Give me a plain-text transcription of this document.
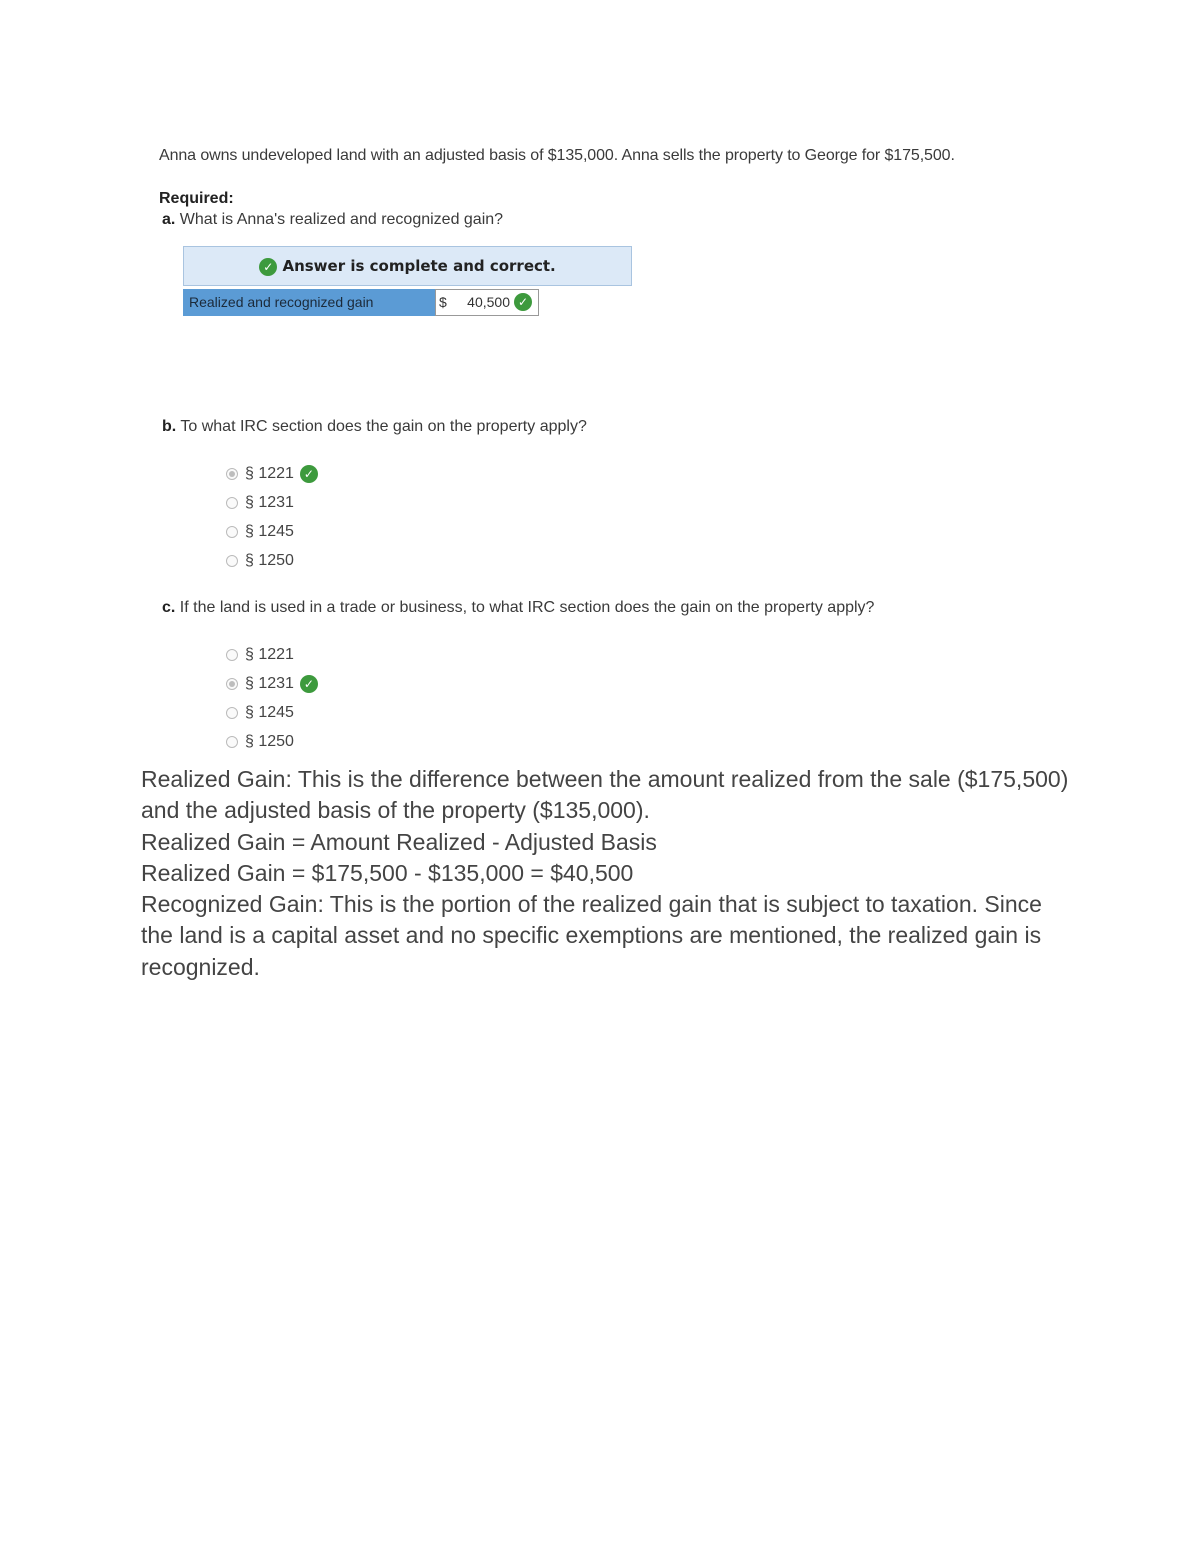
Anna owns undeveloped land with an adjusted basis of $135,000. Anna sells the property to George for $175,500.
Required:
a. What is Anna's realized and recognized gain?
✓ Answer is complete and correct.
Realized and recognized gain	$ 40,500 ✓
b. To what IRC section does the gain on the property apply?
§ 1221 ✓
§ 1231
§ 1245
§ 1250
c. If the land is used in a trade or business, to what IRC section does the gain on the property apply?
§ 1221
§ 1231 ✓
§ 1245
§ 1250

Realized Gain: This is the difference between the amount realized from the sale ($175,500) and the adjusted basis of the property ($135,000).

Realized Gain = Amount Realized - Adjusted Basis

Realized Gain = $175,500 - $135,000 = $40,500

Recognized Gain: This is the portion of the realized gain that is subject to taxation. Since the land is a capital asset and no specific exemptions are mentioned, the realized gain is recognized.
